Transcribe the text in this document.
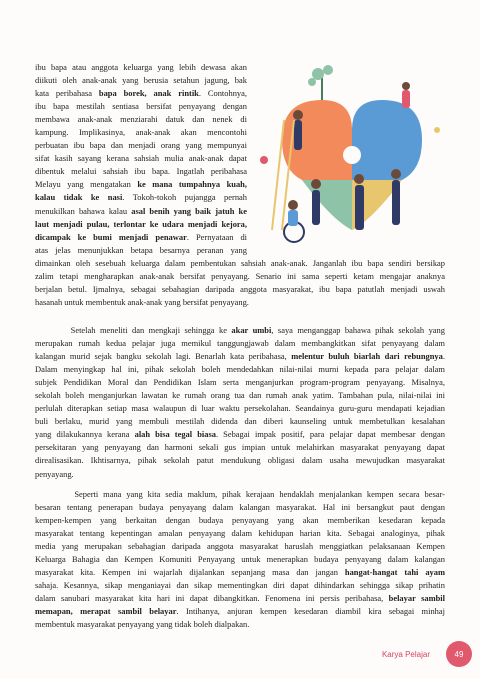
ibu bapa atau anggota keluarga yang lebih dewasa akan
diikuti oleh anak-anak yang berusia setahun jagung, bak
kata peribahasa bapa borek, anak rintik. Contohnya,
ibu bapa mestilah sentiasa bersifat penyayang dengan
membawa anak-anak menziarahi datuk dan nenek di
kampung. Implikasinya, anak-anak akan mencontohi
perbuatan ibu bapa dan menjadi orang yang mempunyai
sifat kasih sayang kerana sahsiah mulia anak-anak dapat
dibentuk melalui sahsiah ibu bapa. Ingatlah peribahasa
Melayu yang mengatakan ke mana tumpahnya kuah,
kalau tidak ke nasi. Tokoh-tokoh pujangga pernah
menukilkan bahawa kalau asal benih yang baik jatuh ke
laut menjadi pulau, terlontar ke udara menjadi kejora,
dicampak ke bumi menjadi penawar. Pernyataan di
atas jelas menunjukkan betapa besarnya peranan yang
dimainkan oleh sesebuah keluarga dalam pembentukan sahsiah anak-anak. Janganlah ibu bapa sendiri bersikap
zalim tetapi mengharapkan anak-anak bersifat penyayang. Senario ini sama seperti ketam mengajar anaknya
berjalan betul. Ijmalnya, sebagai sebahagian daripada anggota masyarakat, ibu bapa patutlah menjadi uswah
hasanah untuk membentuk anak-anak yang bersifat penyayang.
Setelah meneliti dan mengkaji sehingga ke akar umbi, saya menganggap bahawa pihak sekolah yang
merupakan rumah kedua pelajar juga memikul tanggungjawab dalam membangkitkan sifat penyayang dalam
kalangan murid sejak bangku sekolah lagi. Benarlah kata peribahasa, melentur buluh biarlah dari rebungnya.
Dalam menyingkap hal ini, pihak sekolah boleh mendedahkan nilai-nilai murni kepada para pelajar dalam
subjek Pendidikan Moral dan Pendidikan Islam serta menganjurkan program-program penyayang. Misalnya,
sekolah boleh menganjurkan lawatan ke rumah orang tua dan rumah anak yatim. Tambahan pula, nilai-nilai ini
perlulah diterapkan setiap masa walaupun di luar waktu persekolahan. Seandainya guru-guru mendapati kejadian
buli berlaku, murid yang membuli mestilah didenda dan diberi kaunseling untuk membetulkan kesalahan
yang dilakukannya kerana alah bisa tegal biasa. Sebagai impak positif, para pelajar dapat membesar dengan
persekitaran yang penyayang dan harmoni sekali gus impian untuk melahirkan masyarakat penyayang dapat
direalisasikan. Ikhtisarnya, pihak sekolah patut mendukung obligasi dalam usaha mewujudkan masyarakat
penyayang.
Seperti mana yang kita sedia maklum, pihak kerajaan hendaklah menjalankan kempen secara besar-
besaran tentang penerapan budaya penyayang dalam kalangan masyarakat. Hal ini bersangkut paut dengan
kempen-kempen yang berkaitan dengan budaya penyayang yang akan memberikan kesedaran kepada
masyarakat tentang kepentingan amalan penyayang dalam kehidupan harian kita. Sebagai analoginya, pihak
media yang merupakan sebahagian daripada anggota masyarakat haruslah menggiatkan pelaksanaan Kempen
Keluarga Bahagia dan Kempen Komuniti Penyayang untuk menerapkan budaya penyayang dalam kalangan
masyarakat kita. Kempen ini wajarlah dijalankan sepanjang masa dan jangan hangat-hangat tahi ayam
sahaja. Kesannya, sikap menganiayai dan sikap mementingkan diri dapat dihindarkan sehingga sikap prihatin
dalam sanubari masyarakat kita hari ini dapat dibangkitkan. Fenomena ini persis peribahasa, belayar sambil
memapan, merapat sambil belayar. Intihanya, anjuran kempen kesedaran diambil kira sebagai minhaj
membentuk masyarakat penyayang yang tidak boleh dialpakan.
Karya Pelajar	49
